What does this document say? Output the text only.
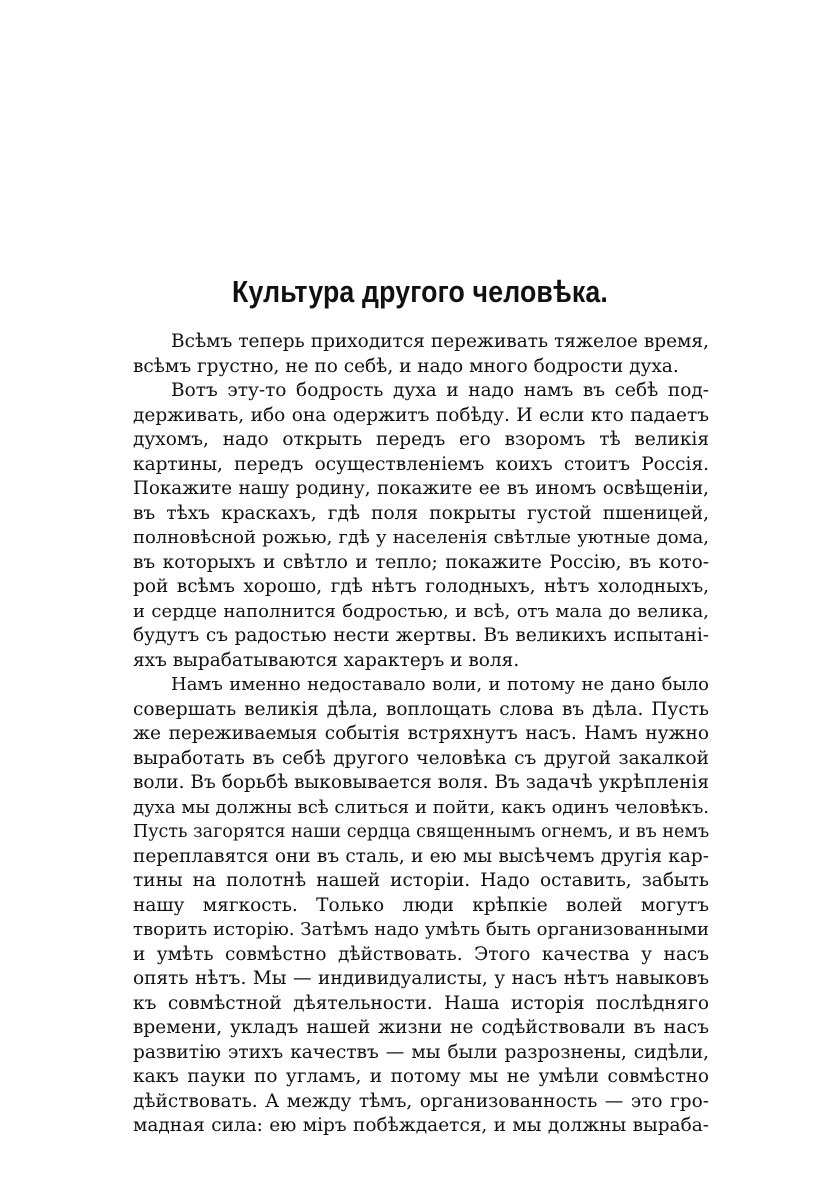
Культура другого человѣка.
Всѣмъ теперь приходится переживать тяжелое время,
всѣмъ грустно, не по себѣ, и надо много бодрости духа.
Вотъ эту-то бодрость духа и надо намъ въ себѣ под-
держивать, ибо она одержитъ побѣду. И если кто падаетъ
духомъ, надо открыть передъ его взоромъ тѣ великія
картины, передъ осуществленіемъ коихъ стоитъ Россія.
Покажите нашу родину, покажите ее въ иномъ освѣщеніи,
въ тѣхъ краскахъ, гдѣ поля покрыты густой пшеницей,
полновѣсной рожью, гдѣ у населенія свѣтлые уютные дома,
въ которыхъ и свѣтло и тепло; покажите Россію, въ кото-
рой всѣмъ хорошо, гдѣ нѣтъ голодныхъ, нѣтъ холодныхъ,
и сердце наполнится бодростью, и всѣ, отъ мала до велика,
будутъ съ радостью нести жертвы. Въ великихъ испытані-
яхъ вырабатываются характеръ и воля.
Намъ именно недоставало воли, и потому не дано было
совершать великія дѣла, воплощать слова въ дѣла. Пусть
же переживаемыя событія встряхнутъ насъ. Намъ нужно
выработать въ себѣ другого человѣка съ другой закалкой
воли. Въ борьбѣ выковывается воля. Въ задачѣ укрѣпленія
духа мы должны всѣ слиться и пойти, какъ одинъ человѣкъ.
Пусть загорятся наши сердца священнымъ огнемъ, и въ немъ
переплавятся они въ сталь, и ею мы высѣчемъ другія кар-
тины на полотнѣ нашей исторіи. Надо оставить, забыть
нашу мягкость. Только люди крѣпкіе волей могутъ
творить исторію. Затѣмъ надо умѣть быть организованными
и умѣть совмѣстно дѣйствовать. Этого качества у насъ
опять нѣтъ. Мы — индивидуалисты, у насъ нѣтъ навыковъ
къ совмѣстной дѣятельности. Наша исторія послѣдняго
времени, укладъ нашей жизни не содѣйствовали въ насъ
развитію этихъ качествъ — мы были разрознены, сидѣли,
какъ пауки по угламъ, и потому мы не умѣли совмѣстно
дѣйствовать. А между тѣмъ, организованность — это гро-
мадная сила: ею міръ побѣждается, и мы должны выраба-
